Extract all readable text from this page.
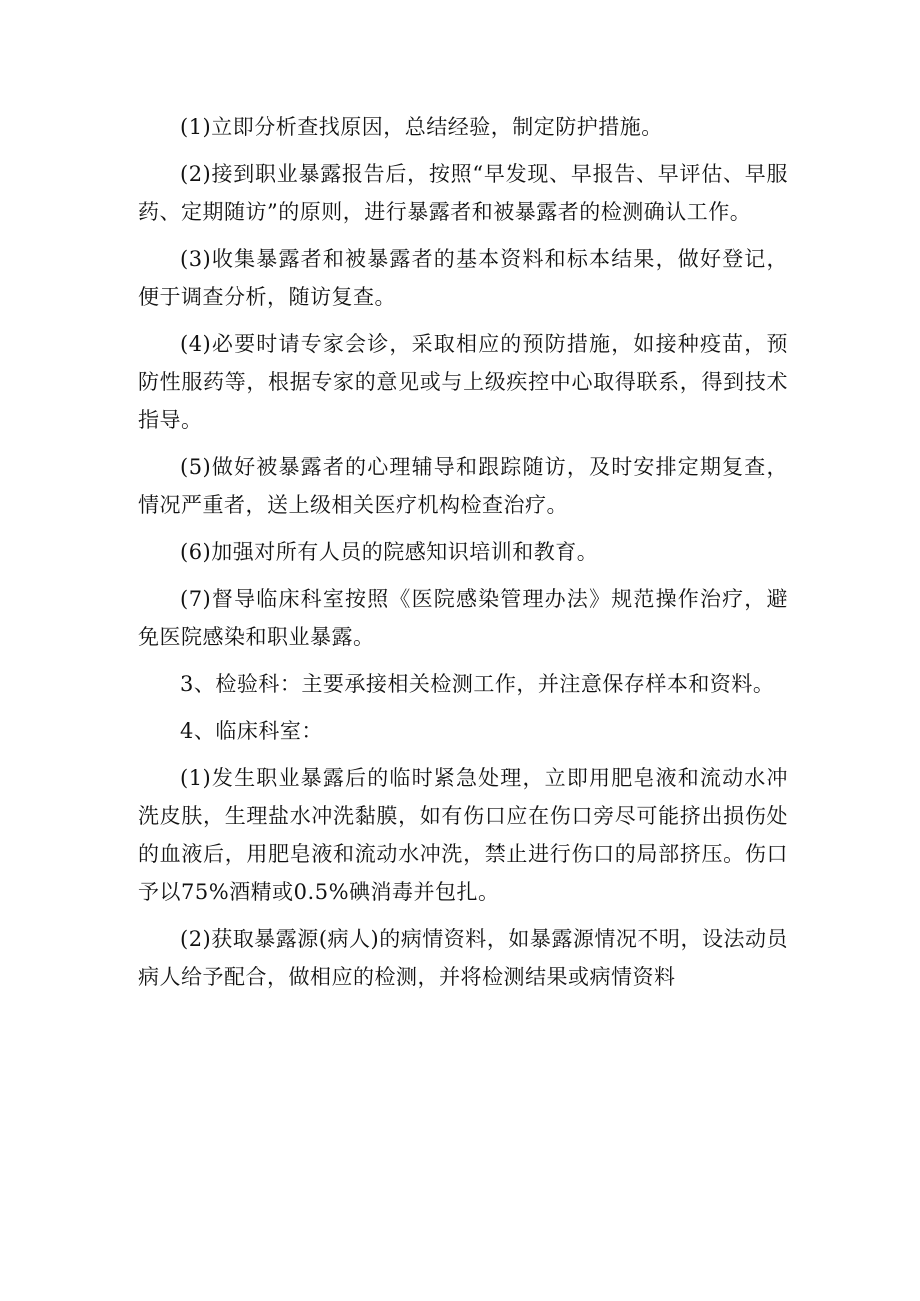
(1)立即分析查找原因，总结经验，制定防护措施。

(2)接到职业暴露报告后，按照“早发现、早报告、早评估、早服药、定期随访”的原则，进行暴露者和被暴露者的检测确认工作。

(3)收集暴露者和被暴露者的基本资料和标本结果，做好登记，便于调查分析，随访复查。

(4)必要时请专家会诊，采取相应的预防措施，如接种疫苗，预防性服药等，根据专家的意见或与上级疾控中心取得联系，得到技术指导。

(5)做好被暴露者的心理辅导和跟踪随访，及时安排定期复查，情况严重者，送上级相关医疗机构检查治疗。

(6)加强对所有人员的院感知识培训和教育。

(7)督导临床科室按照《医院感染管理办法》规范操作治疗，避免医院感染和职业暴露。

3、检验科：主要承接相关检测工作，并注意保存样本和资料。

4、临床科室：

(1)发生职业暴露后的临时紧急处理，立即用肥皂液和流动水冲洗皮肤，生理盐水冲洗黏膜，如有伤口应在伤口旁尽可能挤出损伤处的血液后，用肥皂液和流动水冲洗，禁止进行伤口的局部挤压。伤口予以75%酒精或0.5%碘消毒并包扎。

(2)获取暴露源(病人)的病情资料，如暴露源情况不明，设法动员病人给予配合，做相应的检测，并将检测结果或病情资料
